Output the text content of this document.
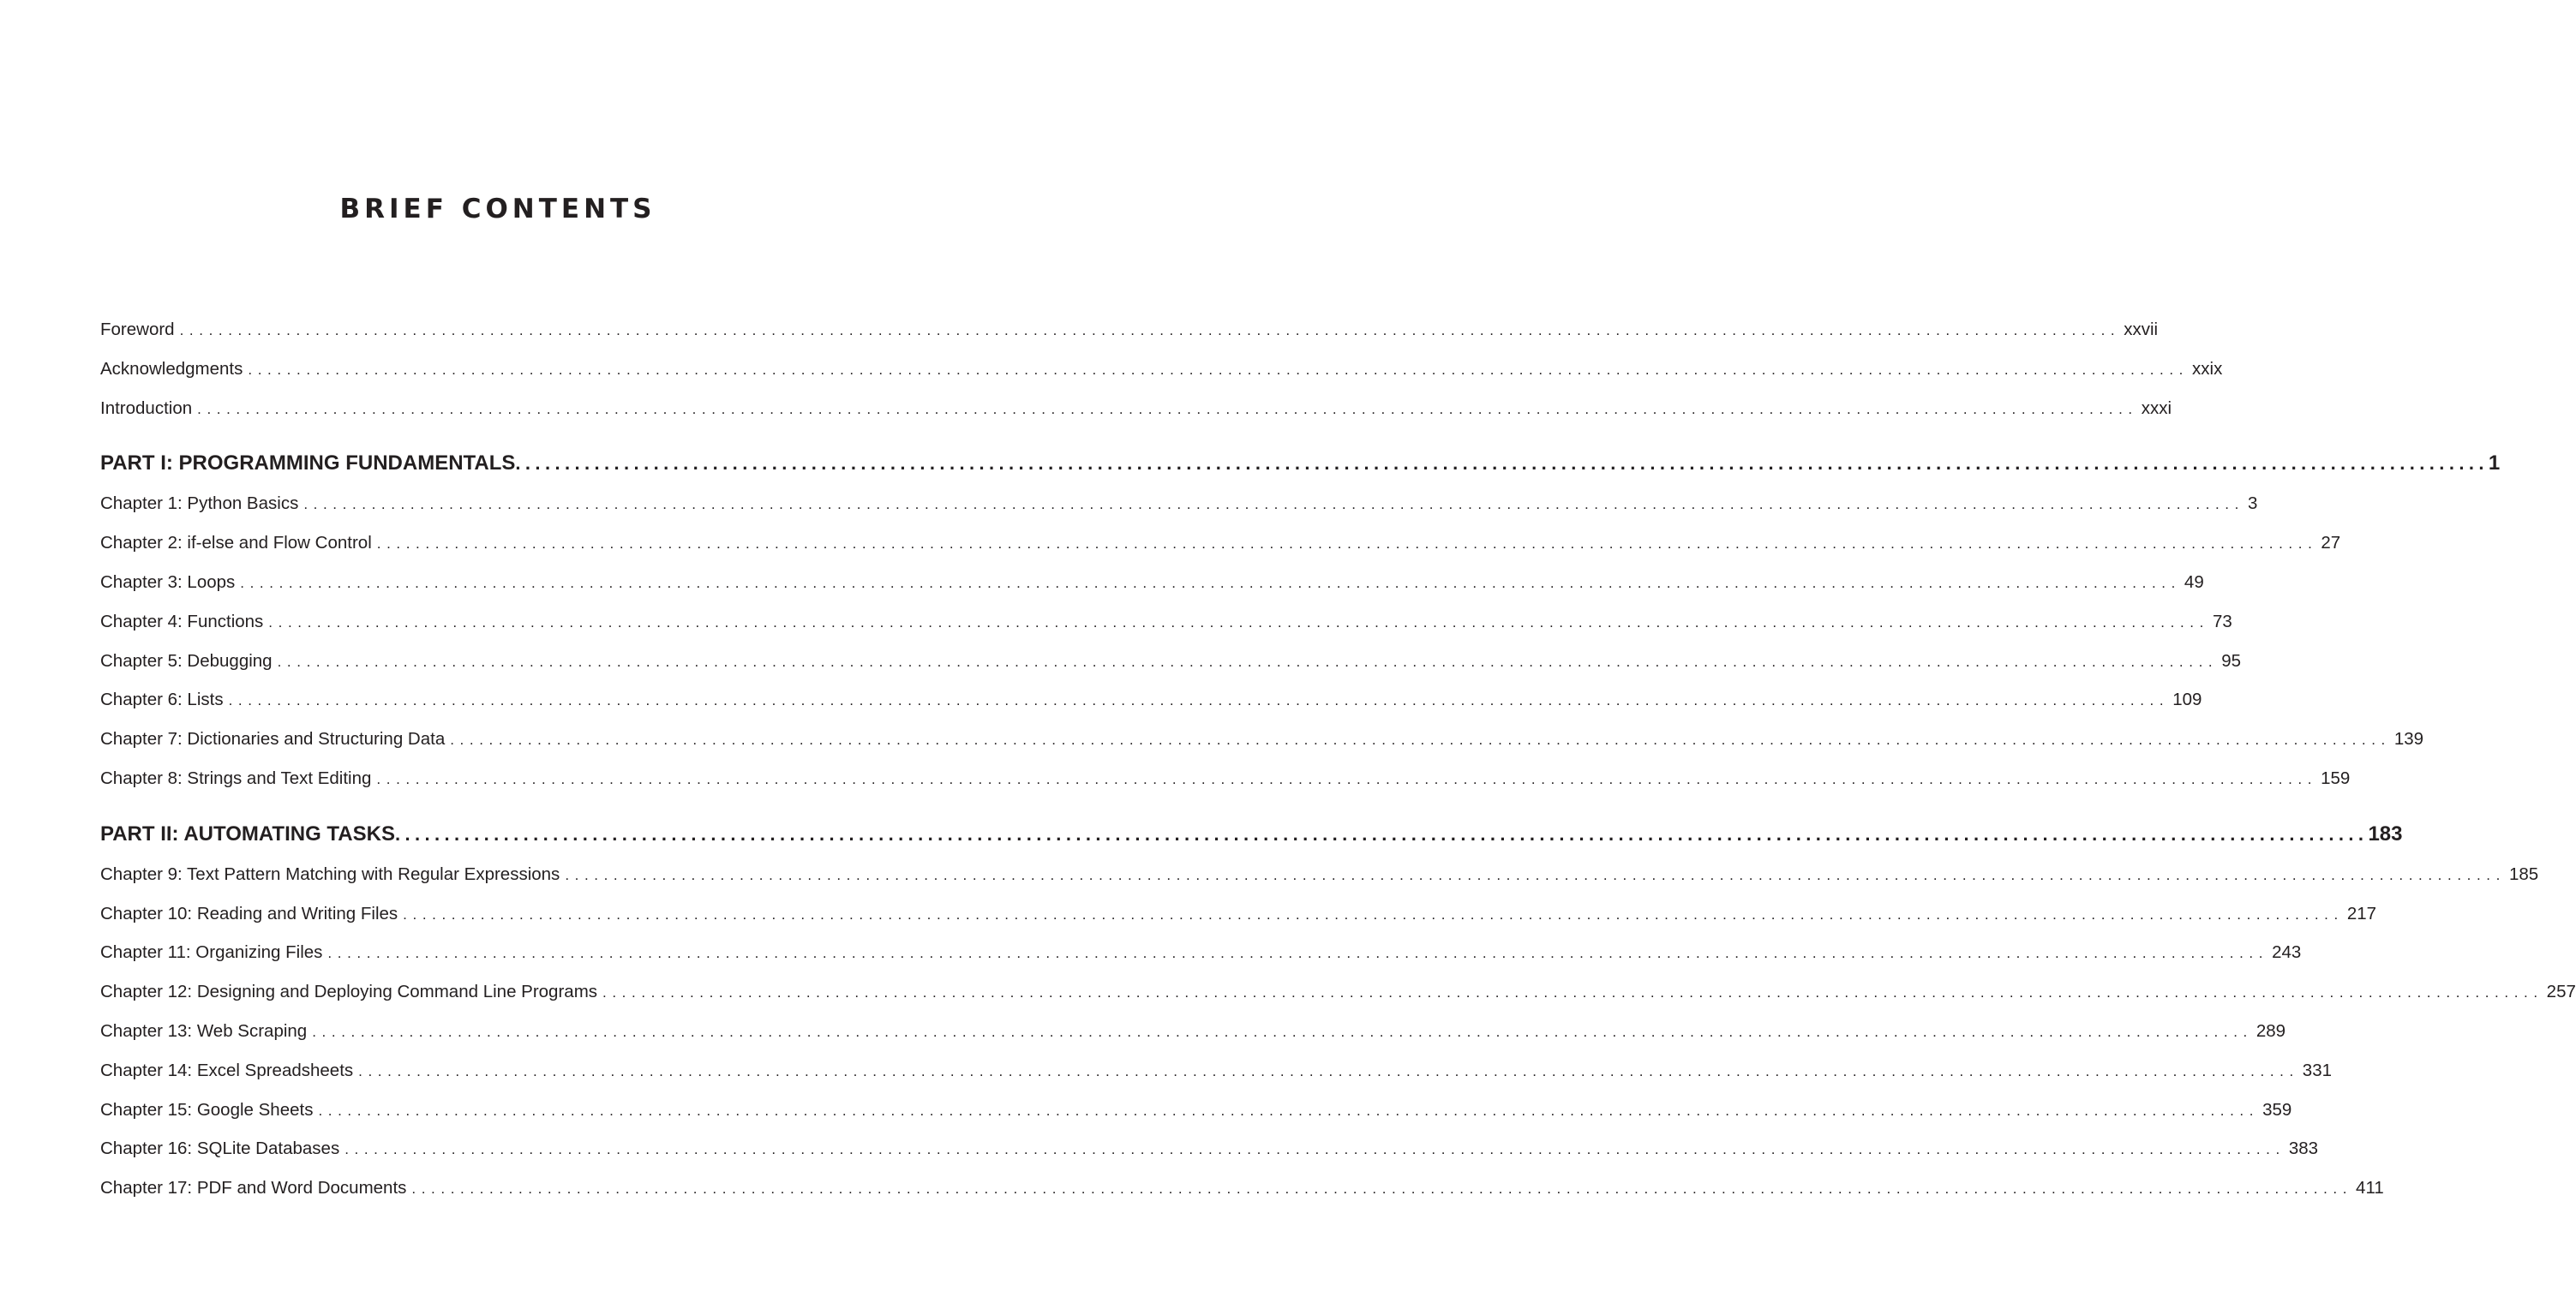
BRIEF CONTENTS
Foreword ........................................................................................................................................................................................................ xxvii
Acknowledgments ........................................................................................................................................................................................................ xxix
Introduction ........................................................................................................................................................................................................ xxxi
PART I: PROGRAMMING FUNDAMENTALS ........................................................................................................................................................................................................ 1
Chapter 1: Python Basics ........................................................................................................................................................................................................ 3
Chapter 2: if-else and Flow Control ........................................................................................................................................................................................................ 27
Chapter 3: Loops ........................................................................................................................................................................................................ 49
Chapter 4: Functions ........................................................................................................................................................................................................ 73
Chapter 5: Debugging ........................................................................................................................................................................................................ 95
Chapter 6: Lists ........................................................................................................................................................................................................ 109
Chapter 7: Dictionaries and Structuring Data ........................................................................................................................................................................................................ 139
Chapter 8: Strings and Text Editing ........................................................................................................................................................................................................ 159
PART II: AUTOMATING TASKS ........................................................................................................................................................................................................ 183
Chapter 9: Text Pattern Matching with Regular Expressions ........................................................................................................................................................................................................ 185
Chapter 10: Reading and Writing Files ........................................................................................................................................................................................................ 217
Chapter 11: Organizing Files ........................................................................................................................................................................................................ 243
Chapter 12: Designing and Deploying Command Line Programs ........................................................................................................................................................................................................ 257
Chapter 13: Web Scraping ........................................................................................................................................................................................................ 289
Chapter 14: Excel Spreadsheets ........................................................................................................................................................................................................ 331
Chapter 15: Google Sheets ........................................................................................................................................................................................................ 359
Chapter 16: SQLite Databases ........................................................................................................................................................................................................ 383
Chapter 17: PDF and Word Documents ........................................................................................................................................................................................................ 411
